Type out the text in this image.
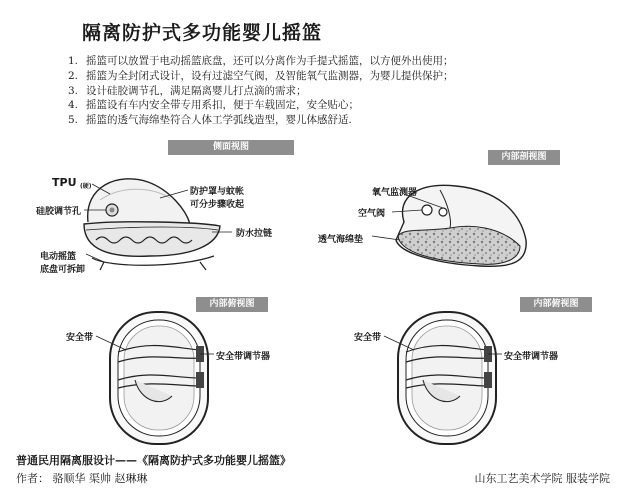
隔离防护式多功能婴儿摇篮
1. 摇篮可以放置于电动摇篮底盘，还可以分离作为手提式摇篮，以方便外出使用；
2. 摇篮为全封闭式设计，设有过滤空气阀，及智能氧气监测器，为婴儿提供保护；
3. 设计硅胶调节孔，满足隔离婴儿打点滴的需求；
4. 摇篮设有车内安全带专用系扣，便于车载固定，安全贴心；
5. 摇篮的透气海绵垫符合人体工学弧线造型，婴儿体感舒适.
侧面视图
内部剖视图
内部俯视图	内部俯视图
TPU (硬)
硅胶调节孔
防护罩与蚊帐
可分步骤收起
防水拉链
电动摇篮
底盘可拆卸
氧气监测器
空气阀
透气海绵垫
安全带
安全带调节器
安全带
安全带调节器
普通民用隔离服设计——《隔离防护式多功能婴儿摇篮》
作者： 骆顺华 渠帅 赵琳琳	山东工艺美术学院 服装学院
